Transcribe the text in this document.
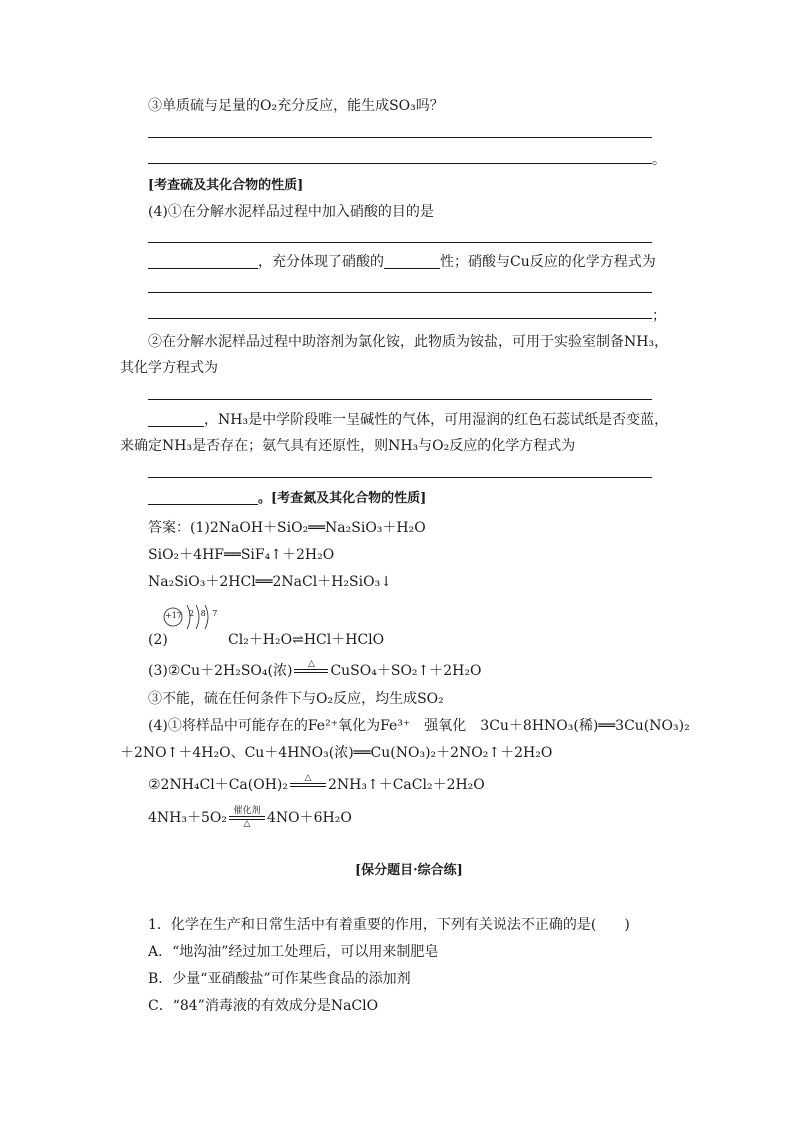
③单质硫与足量的O₂充分反应，能生成SO₃吗？
。
[考查硫及其化合物的性质]
(4)①在分解水泥样品过程中加入硝酸的目的是
，充分体现了硝酸的	性；硝酸与Cu反应的化学方程式为
；
②在分解水泥样品过程中助溶剂为氯化铵，此物质为铵盐，可用于实验室制备NH₃，
其化学方程式为
，NH₃是中学阶段唯一呈碱性的气体，可用湿润的红色石蕊试纸是否变蓝，
来确定NH₃是否存在；氨气具有还原性，则NH₃与O₂反应的化学方程式为
。[考查氮及其化合物的性质]
答案：(1)2NaOH＋SiO₂══Na₂SiO₃＋H₂O
SiO₂＋4HF══SiF₄↑＋2H₂O
Na₂SiO₃＋2HCl══2NaCl＋H₂SiO₃↓
+17 2 8 7
(2)	Cl₂＋H₂O⇌HCl＋HClO
(3)②Cu＋2H₂SO₄(浓)	△
	CuSO₄＋SO₂↑＋2H₂O
③不能，硫在任何条件下与O₂反应，均生成SO₂
(4)①将样品中可能存在的Fe²⁺氧化为Fe³⁺　强氧化　3Cu＋8HNO₃(稀)══3Cu(NO₃)₂
＋2NO↑＋4H₂O、Cu＋4HNO₃(浓)══Cu(NO₃)₂＋2NO₂↑＋2H₂O
②2NH₄Cl＋Ca(OH)₂	△
	2NH₃↑＋CaCl₂＋2H₂O
4NH₃＋5O₂ 催化剂
△	4NO＋6H₂O
[保分题目·综合练]
1．化学在生产和日常生活中有着重要的作用，下列有关说法不正确的是(　　)
A．“地沟油”经过加工处理后，可以用来制肥皂
B．少量“亚硝酸盐”可作某些食品的添加剂
C．“84”消毒液的有效成分是NaClO
